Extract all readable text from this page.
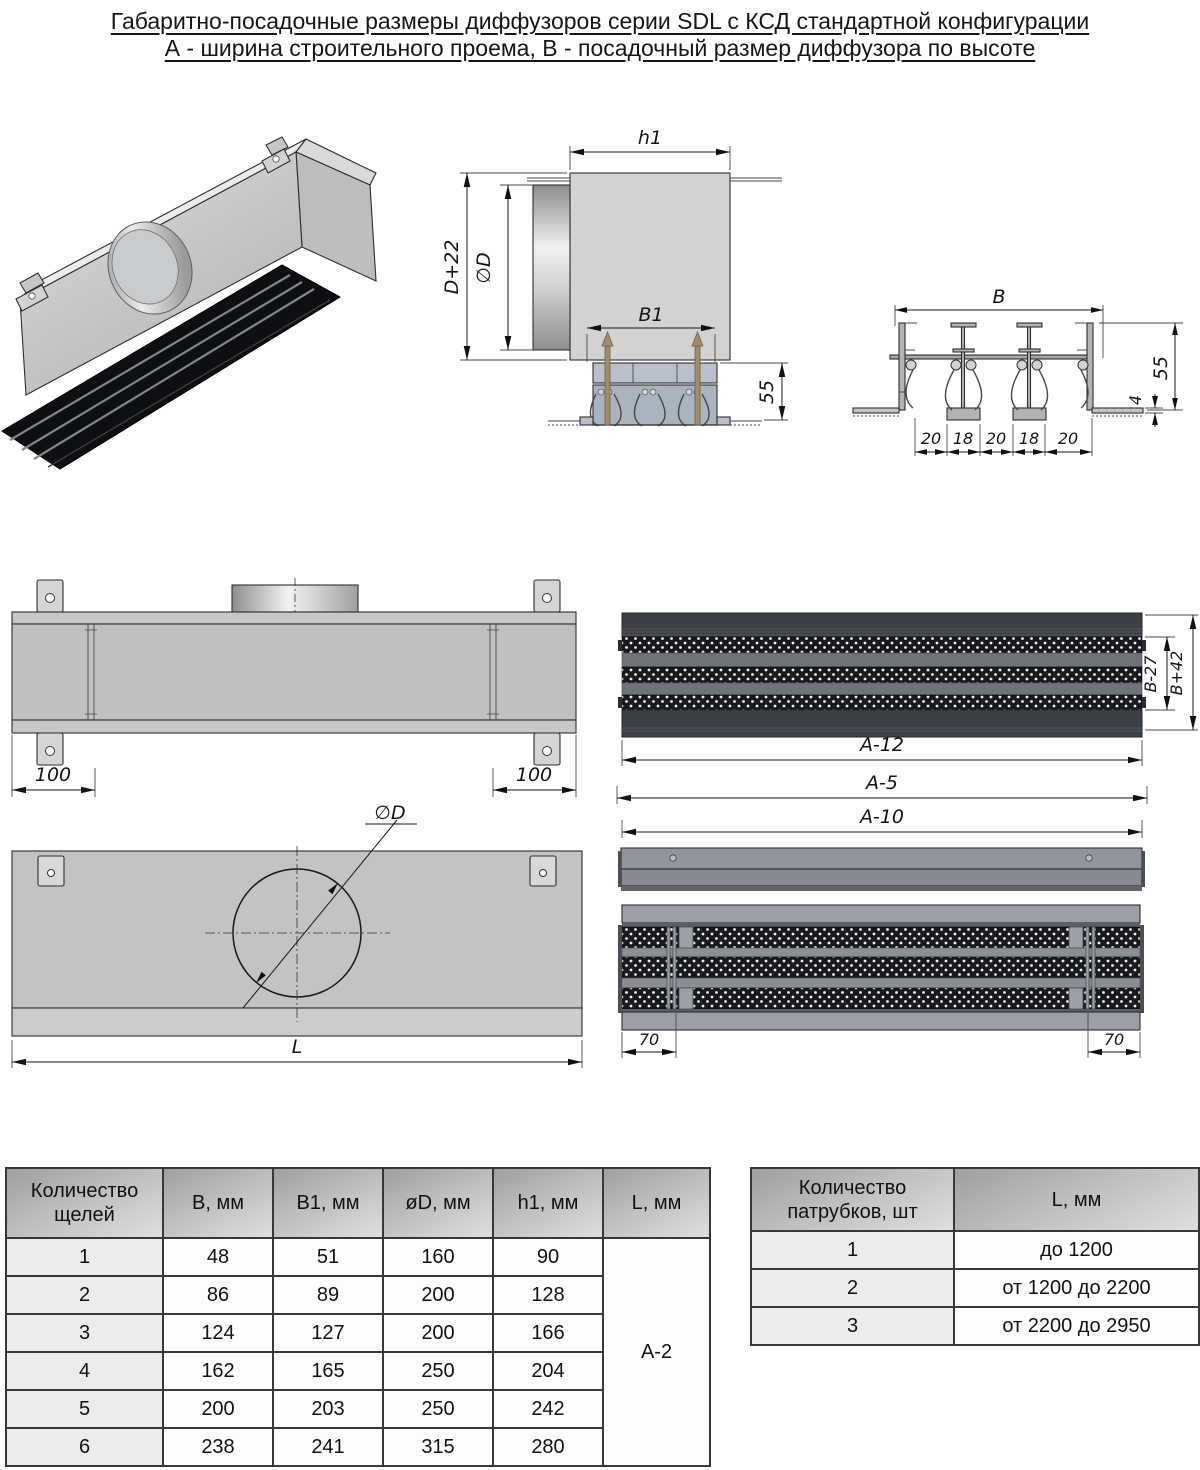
Габаритно-посадочные размеры диффузоров серии SDL с КСД стандартной конфигурации
А - ширина строительного проема, В - посадочный размер диффузора по высоте
h1
D+22 ∅D
B1
55
B
55
4
20 18 20 18 20
100	100
B-27 B+42
A-12
A-5
A-10
70	70
∅D
L
Количество щелей	B, мм	B1, мм	øD, мм	h1, мм	L, мм
1	48	51	160	90	А-2
2	86	89	200	128	
3	124	127	200	166	
4	162	165	250	204	
5	200	203	250	242	
6	238	241	315	280	
Количество патрубков, шт	L, мм
1	до 1200
2	от 1200 до 2200
3	от 2200 до 2950
